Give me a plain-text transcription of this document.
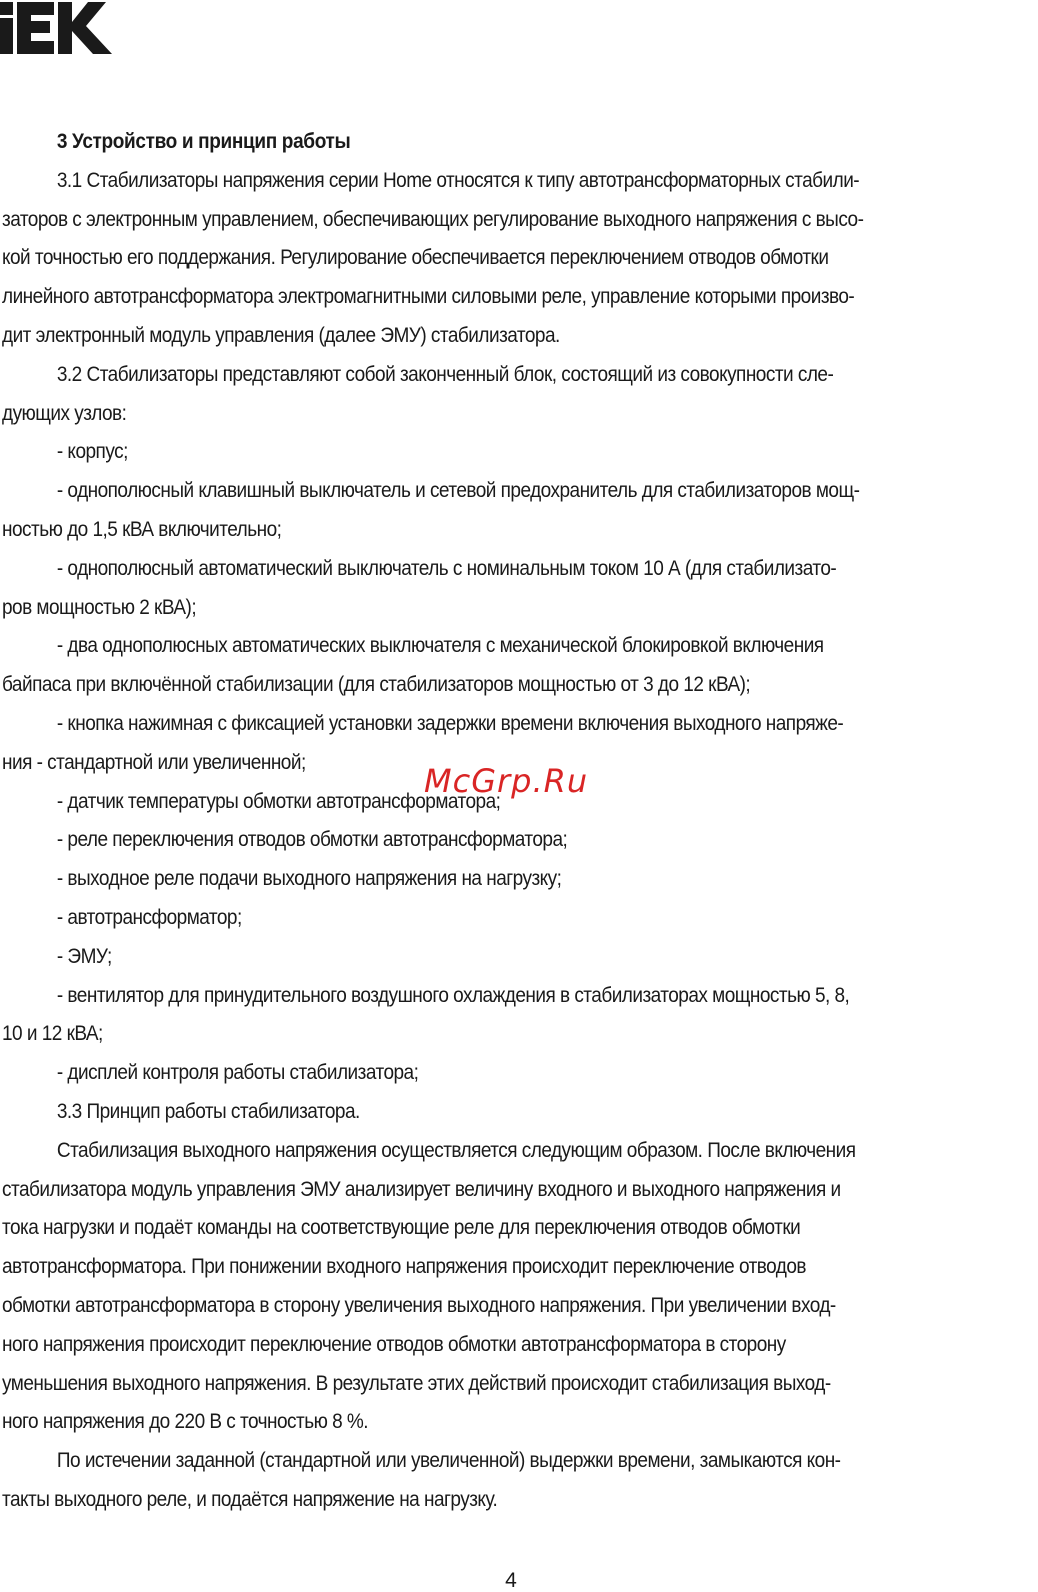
3 Устройство и принцип работы
3.1 Стабилизаторы напряжения серии Home относятся к типу автотрансформаторных стабили-
заторов с электронным управлением, обеспечивающих регулирование выходного напряжения с высо-
кой точностью его поддержания. Регулирование обеспечивается переключением отводов обмотки
линейного автотрансформатора электромагнитными силовыми реле, управление которыми произво-
дит электронный модуль управления (далее ЭМУ) стабилизатора.
3.2 Стабилизаторы представляют собой законченный блок, состоящий из совокупности сле-
дующих узлов:
- корпус;
- однополюсный клавишный выключатель и сетевой предохранитель для стабилизаторов мощ-
ностью до 1,5 кВА включительно;
- однополюсный автоматический выключатель с номинальным током 10 А (для стабилизато-
ров мощностью 2 кВА);
- два однополюсных автоматических выключателя с механической блокировкой включения
байпаса при включённой стабилизации (для стабилизаторов мощностью от 3 до 12 кВА);
- кнопка нажимная с фиксацией установки задержки времени включения выходного напряже-
ния - стандартной или увеличенной;
- датчик температуры обмотки автотрансформатора;
- реле переключения отводов обмотки автотрансформатора;
- выходное реле подачи выходного напряжения на нагрузку;
- автотрансформатор;
- ЭМУ;
- вентилятор для принудительного воздушного охлаждения в стабилизаторах мощностью 5, 8,
10 и 12 кВА;
- дисплей контроля работы стабилизатора;
3.3 Принцип работы стабилизатора.
Стабилизация выходного напряжения осуществляется следующим образом. После включения
стабилизатора модуль управления ЭМУ анализирует величину входного и выходного напряжения и
тока нагрузки и подаёт команды на соответствующие реле для переключения отводов обмотки
автотрансформатора. При понижении входного напряжения происходит переключение отводов
обмотки автотрансформатора в сторону увеличения выходного напряжения. При увеличении вход-
ного напряжения происходит переключение отводов обмотки автотрансформатора в сторону
уменьшения выходного напряжения. В результате этих действий происходит стабилизация выход-
ного напряжения до 220 В с точностью 8 %.
По истечении заданной (стандартной или увеличенной) выдержки времени, замыкаются кон-
такты выходного реле, и подаётся напряжение на нагрузку.
McGrp.Ru
4
